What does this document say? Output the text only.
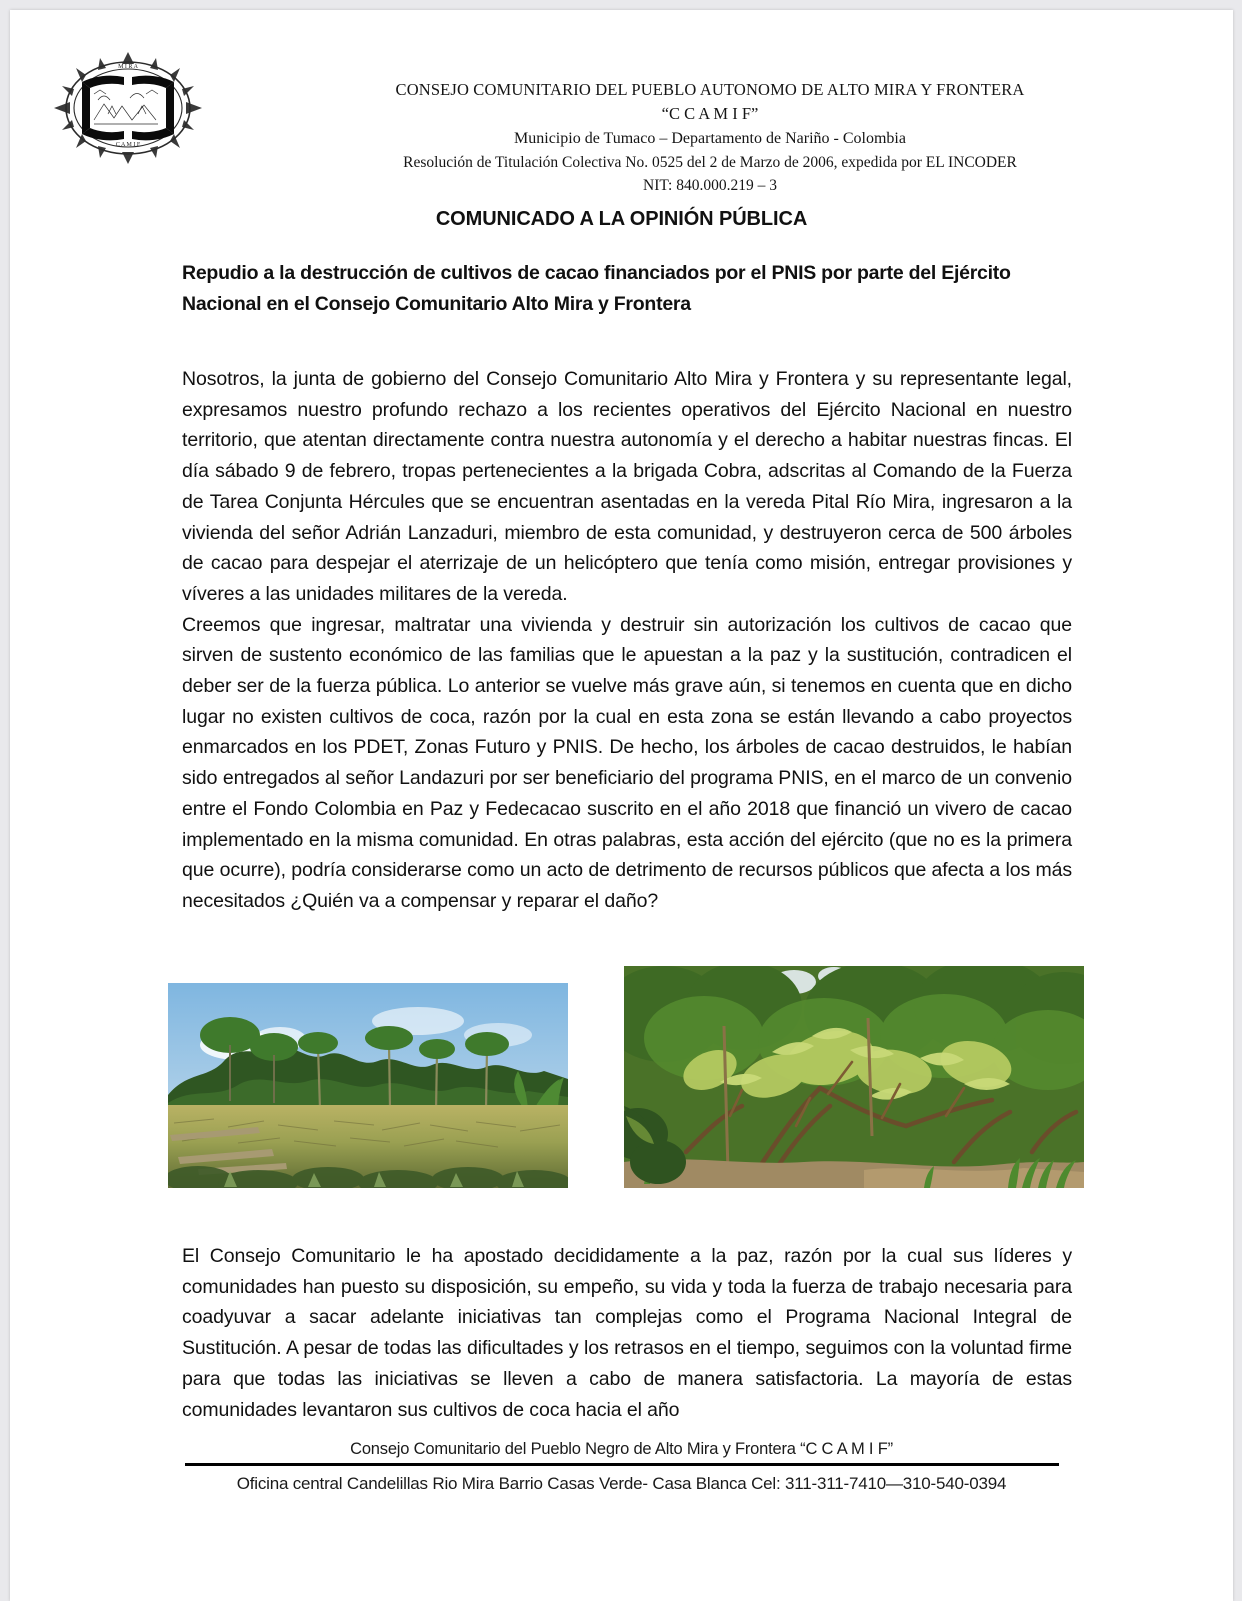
M I R A
C A M I F
CONSEJO COMUNITARIO DEL PUEBLO AUTONOMO DE ALTO MIRA Y FRONTERA
“C C A M I F”
Municipio de Tumaco – Departamento de Nariño - Colombia
Resolución de Titulación Colectiva No. 0525 del 2 de Marzo de 2006, expedida por EL INCODER
NIT: 840.000.219 – 3
COMUNICADO A LA OPINIÓN PÚBLICA
Repudio a la destrucción de cultivos de cacao financiados por el PNIS por parte del Ejército Nacional en el Consejo Comunitario Alto Mira y Frontera

Nosotros, la junta de gobierno del Consejo Comunitario Alto Mira y Frontera y su representante legal, expresamos nuestro profundo rechazo a los recientes operativos del Ejército Nacional en nuestro territorio, que atentan directamente contra nuestra autonomía y el derecho a habitar nuestras fincas. El día sábado 9 de febrero, tropas pertenecientes a la brigada Cobra, adscritas al Comando de la Fuerza de Tarea Conjunta Hércules que se encuentran asentadas en la vereda Pital Río Mira, ingresaron a la vivienda del señor Adrián Lanzaduri, miembro de esta comunidad, y destruyeron cerca de 500 árboles de cacao para despejar el aterrizaje de un helicóptero que tenía como misión, entregar provisiones y víveres a las unidades militares de la vereda.

Creemos que ingresar, maltratar una vivienda y destruir sin autorización los cultivos de cacao que sirven de sustento económico de las familias que le apuestan a la paz y la sustitución, contradicen el deber ser de la fuerza pública. Lo anterior se vuelve más grave aún, si tenemos en cuenta que en dicho lugar no existen cultivos de coca, razón por la cual en esta zona se están llevando a cabo proyectos enmarcados en los PDET, Zonas Futuro y PNIS. De hecho, los árboles de cacao destruidos, le habían sido entregados al señor Landazuri por ser beneficiario del programa PNIS, en el marco de un convenio entre el Fondo Colombia en Paz y Fedecacao suscrito en el año 2018 que financió un vivero de cacao implementado en la misma comunidad. En otras palabras, esta acción del ejército (que no es la primera que ocurre), podría considerarse como un acto de detrimento de recursos públicos que afecta a los más necesitados ¿Quién va a compensar y reparar el daño?

El Consejo Comunitario le ha apostado decididamente a la paz, razón por la cual sus líderes y comunidades han puesto su disposición, su empeño, su vida y toda la fuerza de trabajo necesaria para coadyuvar a sacar adelante iniciativas tan complejas como el Programa Nacional Integral de Sustitución. A pesar de todas las dificultades y los retrasos en el tiempo, seguimos con la voluntad firme para que todas las iniciativas se lleven a cabo de manera satisfactoria. La mayoría de estas comunidades levantaron sus cultivos de coca hacia el año

Consejo Comunitario del Pueblo Negro de Alto Mira y Frontera “C C A M I F”
Oficina central Candelillas Rio Mira Barrio Casas Verde- Casa Blanca Cel: 311-311-7410—310-540-0394
